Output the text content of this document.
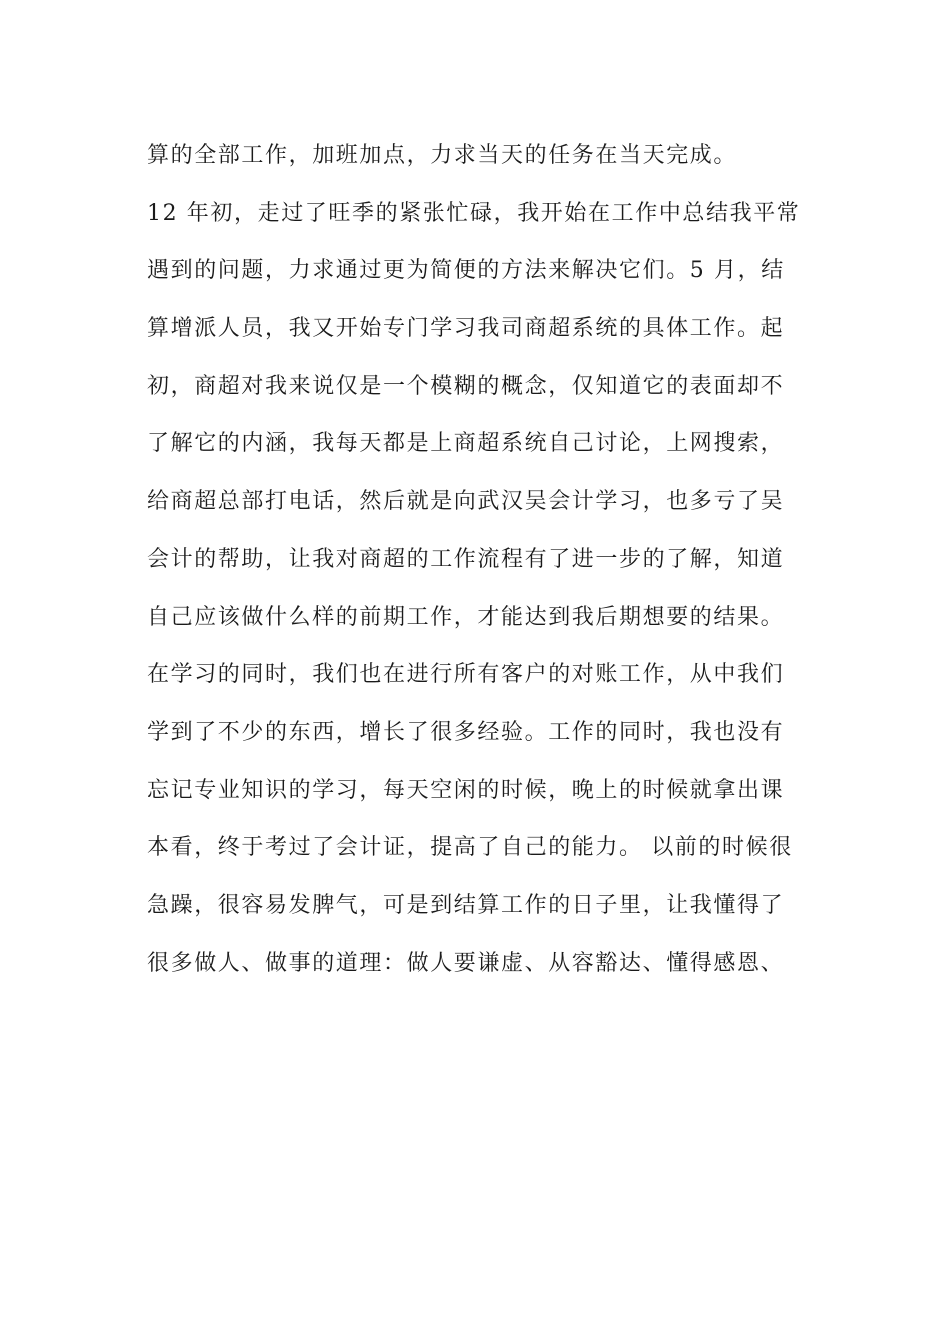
算的全部工作，加班加点，力求当天的任务在当天完成。
12 年初，走过了旺季的紧张忙碌，我开始在工作中总结我平常
遇到的问题，力求通过更为简便的方法来解决它们。5 月，结
算增派人员，我又开始专门学习我司商超系统的具体工作。起
初，商超对我来说仅是一个模糊的概念，仅知道它的表面却不
了解它的内涵，我每天都是上商超系统自己讨论，上网搜索，
给商超总部打电话，然后就是向武汉吴会计学习，也多亏了吴
会计的帮助，让我对商超的工作流程有了进一步的了解，知道
自己应该做什么样的前期工作，才能达到我后期想要的结果。
在学习的同时，我们也在进行所有客户的对账工作，从中我们
学到了不少的东西，增长了很多经验。工作的同时，我也没有
忘记专业知识的学习，每天空闲的时候，晚上的时候就拿出课
本看，终于考过了会计证，提高了自己的能力。 以前的时候很
急躁，很容易发脾气，可是到结算工作的日子里，让我懂得了
很多做人、做事的道理：做人要谦虚、从容豁达、懂得感恩、
